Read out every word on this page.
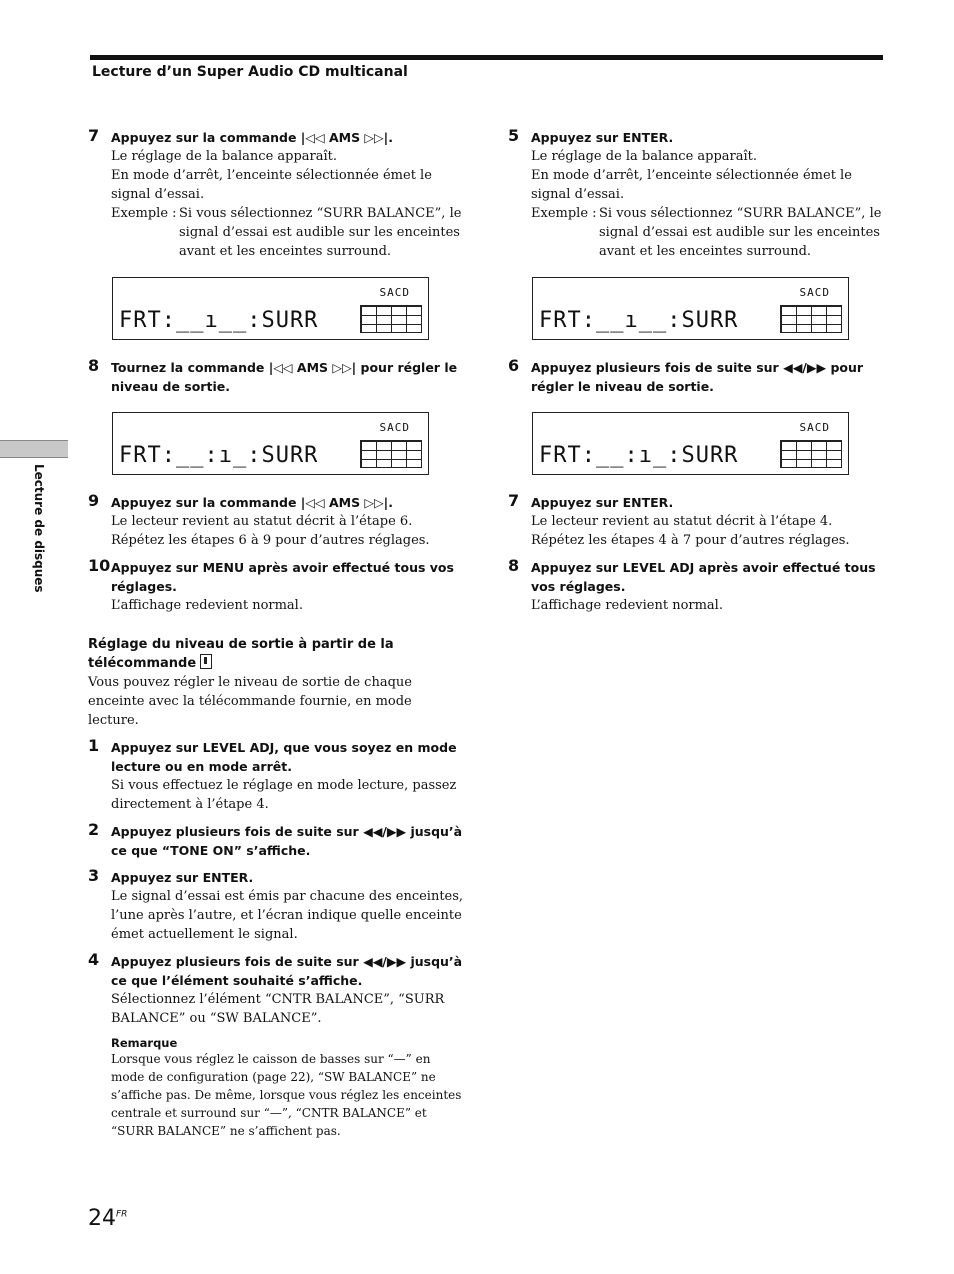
Lecture d’un Super Audio CD multicanal
Lecture de disques
7 Appuyez sur la commande |◁◁ AMS ▷▷|.
Le réglage de la balance apparaît.
En mode d’arrêt, l’enceinte sélectionnée émet le signal d’essai.
Exemple : Si vous sélectionnez “SURR BALANCE”, le signal d’essai est audible sur les enceintes avant et les enceintes surround.
SACD
FRT:__ı__:SURR
8 Tournez la commande |◁◁ AMS ▷▷| pour régler le niveau de sortie.
SACD
FRT:__:ı_:SURR
9 Appuyez sur la commande |◁◁ AMS ▷▷|.
Le lecteur revient au statut décrit à l’étape 6.
Répétez les étapes 6 à 9 pour d’autres réglages.
10 Appuyez sur MENU après avoir effectué tous vos réglages.
L’affichage redevient normal.
Réglage du niveau de sortie à partir de la télécommande
Vous pouvez régler le niveau de sortie de chaque enceinte avec la télécommande fournie, en mode lecture.
1 Appuyez sur LEVEL ADJ, que vous soyez en mode lecture ou en mode arrêt.
Si vous effectuez le réglage en mode lecture, passez directement à l’étape 4.
2 Appuyez plusieurs fois de suite sur ◀◀/▶▶ jusqu’à ce que “TONE ON” s’affiche.
3 Appuyez sur ENTER.
Le signal d’essai est émis par chacune des enceintes, l’une après l’autre, et l’écran indique quelle enceinte émet actuellement le signal.
4 Appuyez plusieurs fois de suite sur ◀◀/▶▶ jusqu’à ce que l’élément souhaité s’affiche.
Sélectionnez l’élément “CNTR BALANCE”, “SURR BALANCE” ou “SW BALANCE”.
Remarque
Lorsque vous réglez le caisson de basses sur “—” en mode de configuration (page 22), “SW BALANCE” ne s’affiche pas. De même, lorsque vous réglez les enceintes centrale et surround sur “—”, “CNTR BALANCE” et “SURR BALANCE” ne s’affichent pas.
5 Appuyez sur ENTER.
Le réglage de la balance apparaît.
En mode d’arrêt, l’enceinte sélectionnée émet le signal d’essai.
Exemple : Si vous sélectionnez “SURR BALANCE”, le signal d’essai est audible sur les enceintes avant et les enceintes surround.
SACD
FRT:__ı__:SURR
6 Appuyez plusieurs fois de suite sur ◀◀/▶▶ pour régler le niveau de sortie.
SACD
FRT:__:ı_:SURR
7 Appuyez sur ENTER.
Le lecteur revient au statut décrit à l’étape 4.
Répétez les étapes 4 à 7 pour d’autres réglages.
8 Appuyez sur LEVEL ADJ après avoir effectué tous vos réglages.
L’affichage redevient normal.
$24^{FR}$
